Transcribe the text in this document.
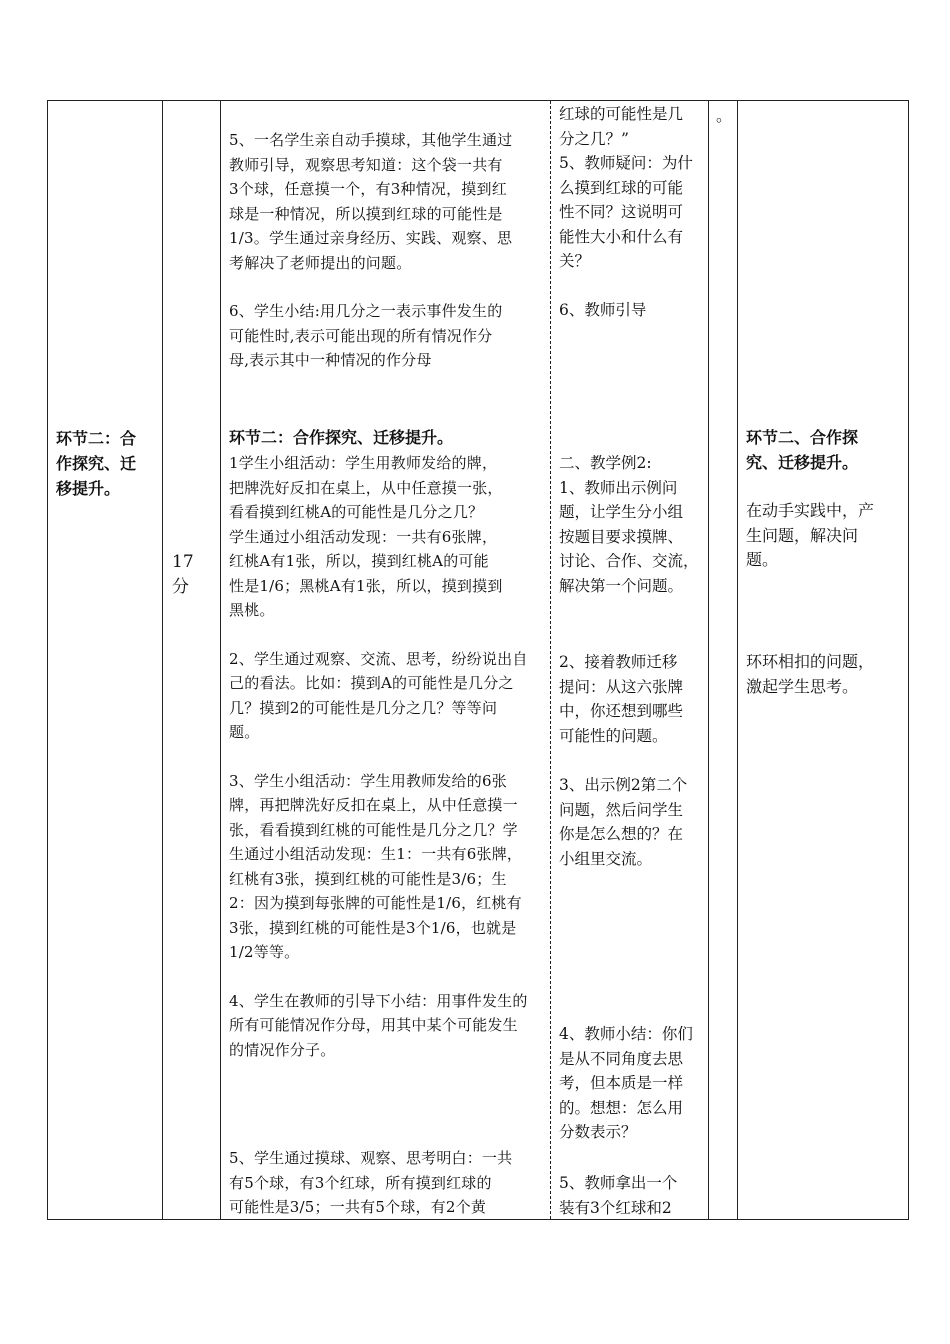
环节二：合
作探究、迁
移提升。

17
分

5、一名学生亲自动手摸球，其他学生通过
教师引导，观察思考知道：这个袋一共有
3个球，任意摸一个，有3种情况，摸到红
球是一种情况，所以摸到红球的可能性是
1/3。学生通过亲身经历、实践、观察、思
考解决了老师提出的问题。

6、学生小结:用几分之一表示事件发生的
可能性时,表示可能出现的所有情况作分
母,表示其中一种情况的作分母

环节二：合作探究、迁移提升。

1学生小组活动：学生用教师发给的牌，
把牌洗好反扣在桌上，从中任意摸一张，
看看摸到红桃A的可能性是几分之几？
学生通过小组活动发现：一共有6张牌，
红桃A有1张，所以，摸到红桃A的可能
性是1/6；黑桃A有1张，所以，摸到摸到
黑桃。

2、学生通过观察、交流、思考，纷纷说出自
己的看法。比如：摸到A的可能性是几分之
几？摸到2的可能性是几分之几？等等问
题。

3、学生小组活动：学生用教师发给的6张
牌，再把牌洗好反扣在桌上，从中任意摸一
张，看看摸到红桃的可能性是几分之几？学
生通过小组活动发现：生1：一共有6张牌，
红桃有3张，摸到红桃的可能性是3/6；生
2：因为摸到每张牌的可能性是1/6，红桃有
3张，摸到红桃的可能性是3个1/6，也就是
1/2等等。

4、学生在教师的引导下小结：用事件发生的
所有可能情况作分母，用其中某个可能发生
的情况作分子。

5、学生通过摸球、观察、思考明白：一共
有5个球，有3个红球，所有摸到红球的
可能性是3/5；一共有5个球，有2个黄

红球的可能性是几
分之几？”
5、教师疑问：为什
么摸到红球的可能
性不同？这说明可
能性大小和什么有
关？

6、教师引导

二、教学例2:
1、教师出示例问
题，让学生分小组
按题目要求摸牌、
讨论、合作、交流，
解决第一个问题。

2、接着教师迁移
提问：从这六张牌
中，你还想到哪些
可能性的问题。

3、出示例2第二个
问题，然后问学生
你是怎么想的？在
小组里交流。

4、教师小结：你们
是从不同角度去思
考，但本质是一样
的。想想：怎么用
分数表示？

5、教师拿出一个
装有3个红球和2

。

环节二、合作探
究、迁移提升。

在动手实践中，产
生问题，解决问
题。

环环相扣的问题，
激起学生思考。
